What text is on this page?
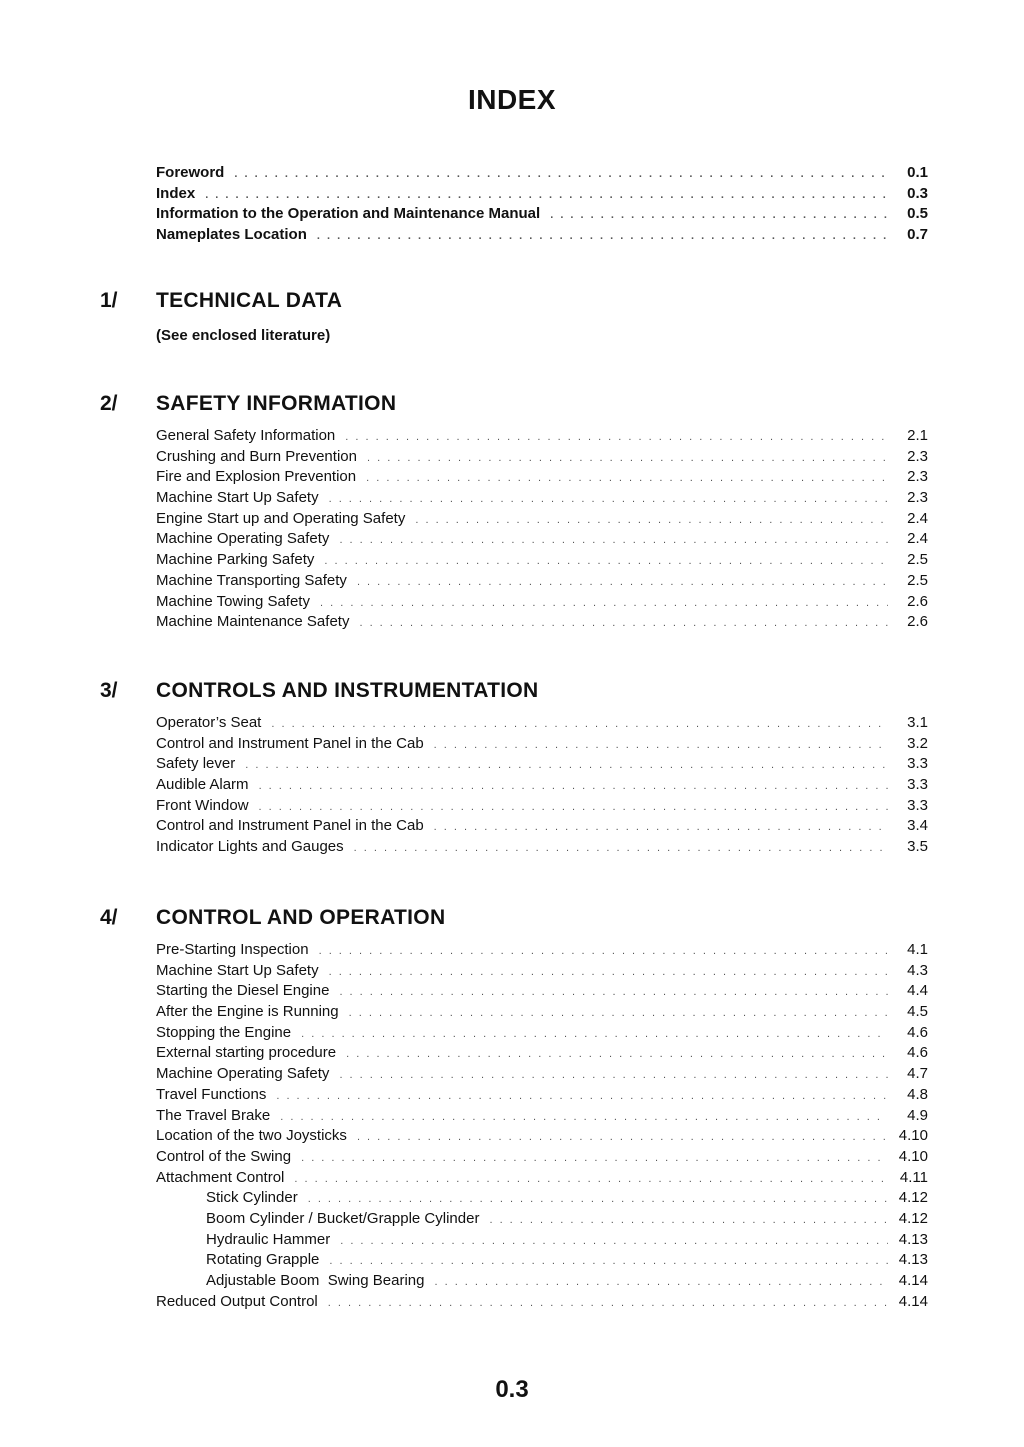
INDEX
Foreword . . .	0.1
Index . . .	0.3
Information to the Operation and Maintenance Manual . . .	0.5
Nameplates Location . . .	0.7
1/ TECHNICAL DATA
(See enclosed literature)
2/ SAFETY INFORMATION
General Safety Information . . .	2.1
Crushing and Burn Prevention . . .	2.3
Fire and Explosion Prevention . . .	2.3
Machine Start Up Safety . . .	2.3
Engine Start up and Operating Safety . . .	2.4
Machine Operating Safety . . .	2.4
Machine Parking Safety . . .	2.5
Machine Transporting Safety . . .	2.5
Machine Towing Safety . . .	2.6
Machine Maintenance Safety . . .	2.6
3/ CONTROLS AND INSTRUMENTATION
Operator’s Seat . . .	3.1
Control and Instrument Panel in the Cab . . .	3.2
Safety lever . . .	3.3
Audible Alarm . . .	3.3
Front Window . . .	3.3
Control and Instrument Panel in the Cab . . .	3.4
Indicator Lights and Gauges . . .	3.5
4/ CONTROL AND OPERATION
Pre-Starting Inspection . . .	4.1
Machine Start Up Safety . . .	4.3
Starting the Diesel Engine . . .	4.4
After the Engine is Running . . .	4.5
Stopping the Engine . . .	4.6
External starting procedure . . .	4.6
Machine Operating Safety . . .	4.7
Travel Functions . . .	4.8
The Travel Brake . . .	4.9
Location of the two Joysticks . . .	4.10
Control of the Swing . . .	4.10
Attachment Control . . .	4.11
Stick Cylinder . . .	4.12
Boom Cylinder / Bucket/Grapple Cylinder . . .	4.12
Hydraulic Hammer . . .	4.13
Rotating Grapple . . .	4.13
Adjustable Boom  Swing Bearing . . .	4.14
Reduced Output Control . . .	4.14
0.3
